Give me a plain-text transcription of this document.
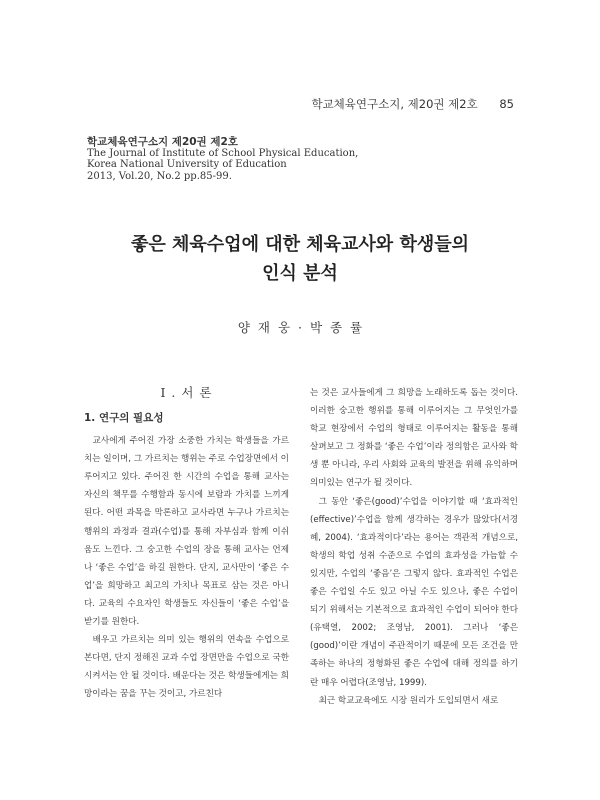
학교체육연구소지, 제20권 제2호 85
학교체육연구소지 제20권 제2호
The Journal of Institute of School Physical Education,
Korea National University of Education
2013, Vol.20, No.2 pp.85-99.
좋은 체육수업에 대한 체육교사와 학생들의
인식 분석
양 재 웅 · 박 종 률
I . 서 론
1. 연구의 필요성

교사에게 주어진 가장 소중한 가치는 학생들을 가르치는 일이며, 그 가르치는 행위는 주로 수업장면에서 이루어지고 있다. 주어진 한 시간의 수업을 통해 교사는 자신의 책무를 수행함과 동시에 보람과 가치를 느끼게 된다. 어떤 과목을 막론하고 교사라면 누구나 가르치는 행위의 과정과 결과(수업)를 통해 자부심과 함께 이쉬움도 느낀다. 그 숭고한 수업의 장을 통해 교사는 언제나 ‘좋은 수업’을 하길 원한다. 단지, 교사만이 ‘좋은 수업’을 희망하고 최고의 가치나 목표로 삼는 것은 아니다. 교육의 수요자인 학생들도 자신들이 ‘좋은 수업’을 받기를 원한다.

배우고 가르치는 의미 있는 행위의 연속을 수업으로 본다면, 단지 정해진 교과 수업 장면만을 수업으로 국한시켜서는 안 될 것이다. 배운다는 것은 학생들에게는 희망이라는 꿈을 꾸는 것이고, 가르친다

는 것은 교사들에게 그 희망을 노래하도록 돕는 것이다. 이러한 숭고한 행위를 통해 이루어지는 그 무엇인가를 학교 현장에서 수업의 형태로 이루어지는 활동을 통해 살펴보고 그 정화를 ‘좋은 수업’이라 정의함은 교사와 학생 뿐 아니라, 우리 사회와 교육의 발전을 위해 유익하며 의미있는 연구가 될 것이다.

그 동안 ‘좋은(good)’수업을 이야기할 때 ‘효과적인(effective)’수업을 함께 생각하는 경우가 많았다(서경혜, 2004). ‘효과적이다’라는 용어는 객관적 개념으로, 학생의 학업 성취 수준으로 수업의 효과성을 가늠할 수 있지만, 수업의 ‘좋음’은 그렇지 않다. 효과적인 수업은 좋은 수업일 수도 있고 아닐 수도 있으나, 좋은 수업이 되기 위해서는 기본적으로 효과적인 수업이 되어야 한다(유택열, 2002; 조영남, 2001). 그러나 ‘좋은(good)’이란 개념이 주관적이기 때문에 모든 조건을 만족하는 하나의 정형화된 좋은 수업에 대해 정의를 하기란 매우 어렵다(조영남, 1999).

최근 학교교육에도 시장 원리가 도입되면서 새로
